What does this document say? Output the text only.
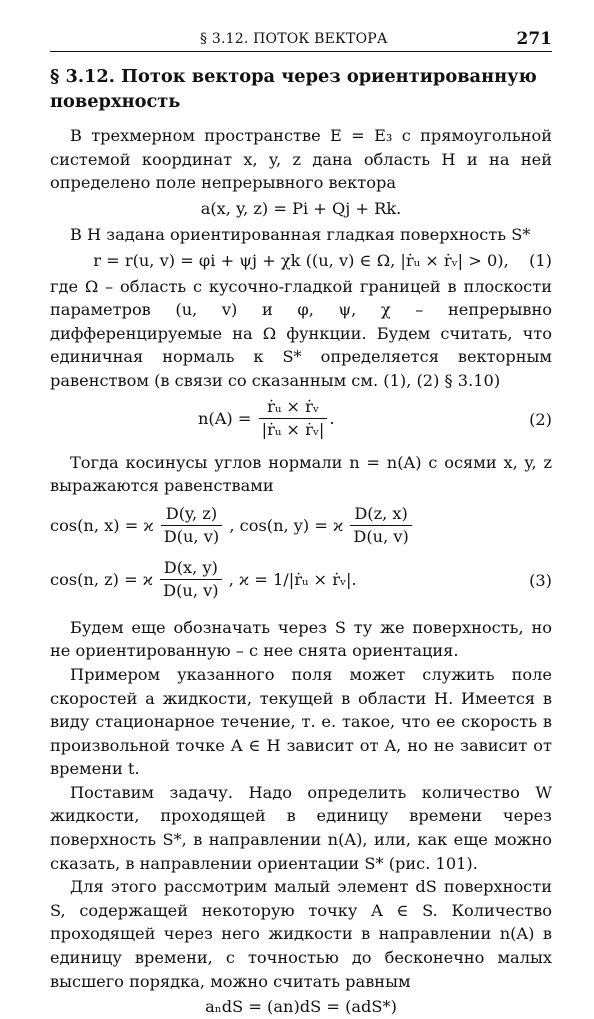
§ 3.12. ПОТОК ВЕКТОРА	271
§ 3.12. Поток вектора через ориентированную поверхность

В трехмерном пространстве E = E₃ с прямоугольной системой координат x, y, z дана область H и на ней определено поле непрерывного вектора

a(x, y, z) = Pi + Qj + Rk.

В H задана ориентированная гладкая поверхность S*

r = r(u, v) = φi + ψj + χk ((u, v) ∈ Ω, |ṙᵤ × ṙᵥ| > 0), (1)

где Ω – область с кусочно-гладкой границей в плоскости параметров (u, v) и φ, ψ, χ – непрерывно дифференцируемые на Ω функции. Будем считать, что единичная нормаль к S* определяется векторным равенством (в связи со сказанным см. (1), (2) § 3.10)

$n(A) = \frac{\text{ṙᵤ × ṙᵥ}}{\text{|ṙᵤ × ṙᵥ|}}$ .	(2)

Тогда косинусы углов нормали n = n(A) с осями x, y, z выражаются равенствами

cos(n, x) = ϰ $\frac{D(y, z)}{D(u, v)}$ , cos(n, y) = ϰ $\frac{D(z, x)}{D(u, v)}$
cos(n, z) = ϰ $\frac{D(x, y)}{D(u, v)}$ , ϰ = 1/|ṙᵤ × ṙᵥ|.	(3)

Будем еще обозначать через S ту же поверхность, но не ориентированную – с нее снята ориентация.

Примером указанного поля может служить поле скоростей a жидкости, текущей в области H. Имеется в виду стационарное течение, т. е. такое, что ее скорость в произвольной точке A ∈ H зависит от A, но не зависит от времени t.

Поставим задачу. Надо определить количество W жидкости, проходящей в единицу времени через поверхность S*, в направлении n(A), или, как еще можно сказать, в направлении ориентации S* (рис. 101).

Для этого рассмотрим малый элемент dS поверхности S, содержащей некоторую точку A ∈ S. Количество проходящей через него жидкости в направлении n(A) в единицу времени, с точностью до бесконечно малых высшего порядка, можно считать равным

aₙdS = (an)dS = (adS*)
